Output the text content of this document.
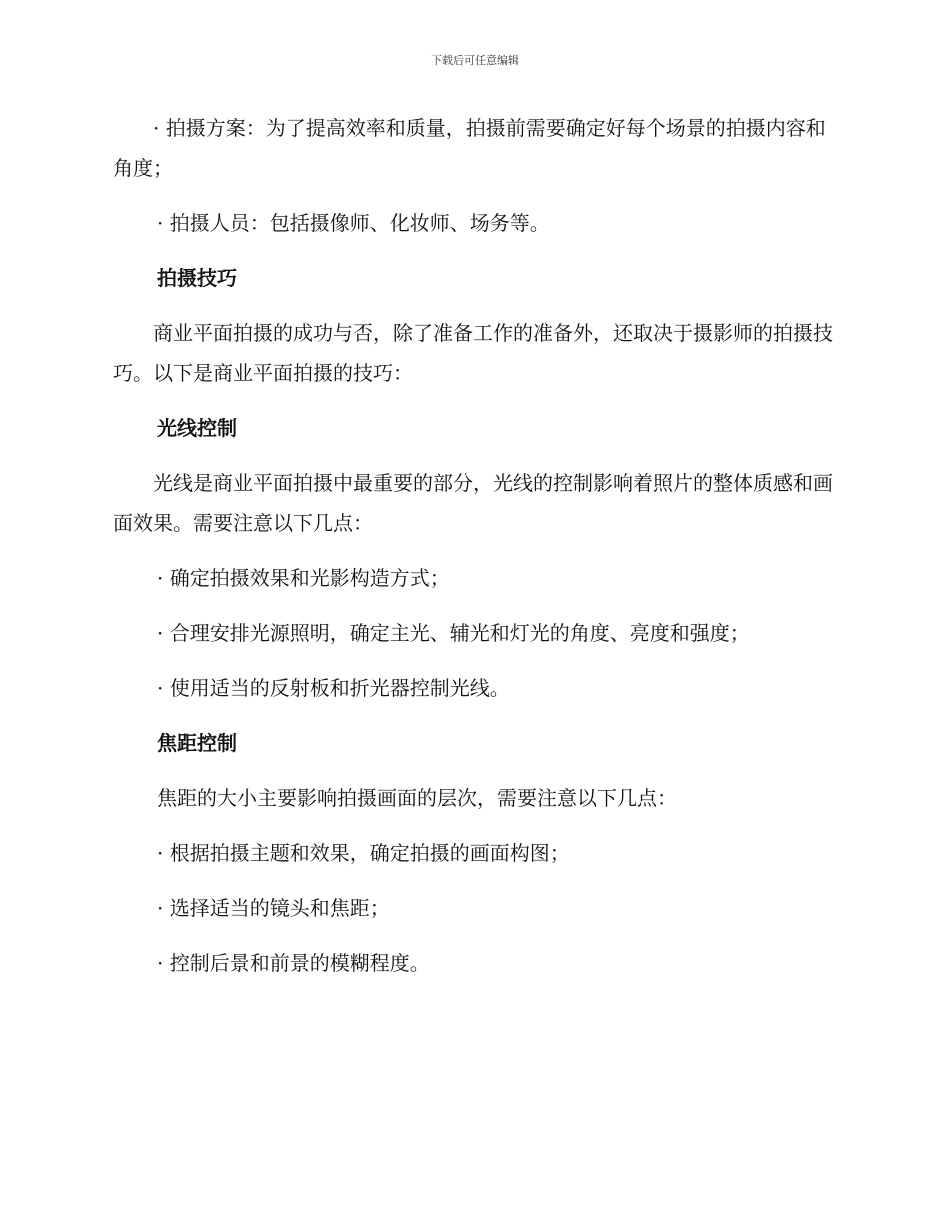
下载后可任意编辑

· 拍摄方案：为了提高效率和质量，拍摄前需要确定好每个场景的拍摄内容和角度；

· 拍摄人员：包括摄像师、化妆师、场务等。

拍摄技巧

商业平面拍摄的成功与否，除了准备工作的准备外，还取决于摄影师的拍摄技巧。以下是商业平面拍摄的技巧：

光线控制

光线是商业平面拍摄中最重要的部分，光线的控制影响着照片的整体质感和画面效果。需要注意以下几点：

· 确定拍摄效果和光影构造方式；

· 合理安排光源照明，确定主光、辅光和灯光的角度、亮度和强度；

· 使用适当的反射板和折光器控制光线。

焦距控制

焦距的大小主要影响拍摄画面的层次，需要注意以下几点：

· 根据拍摄主题和效果，确定拍摄的画面构图；

· 选择适当的镜头和焦距；

· 控制后景和前景的模糊程度。
